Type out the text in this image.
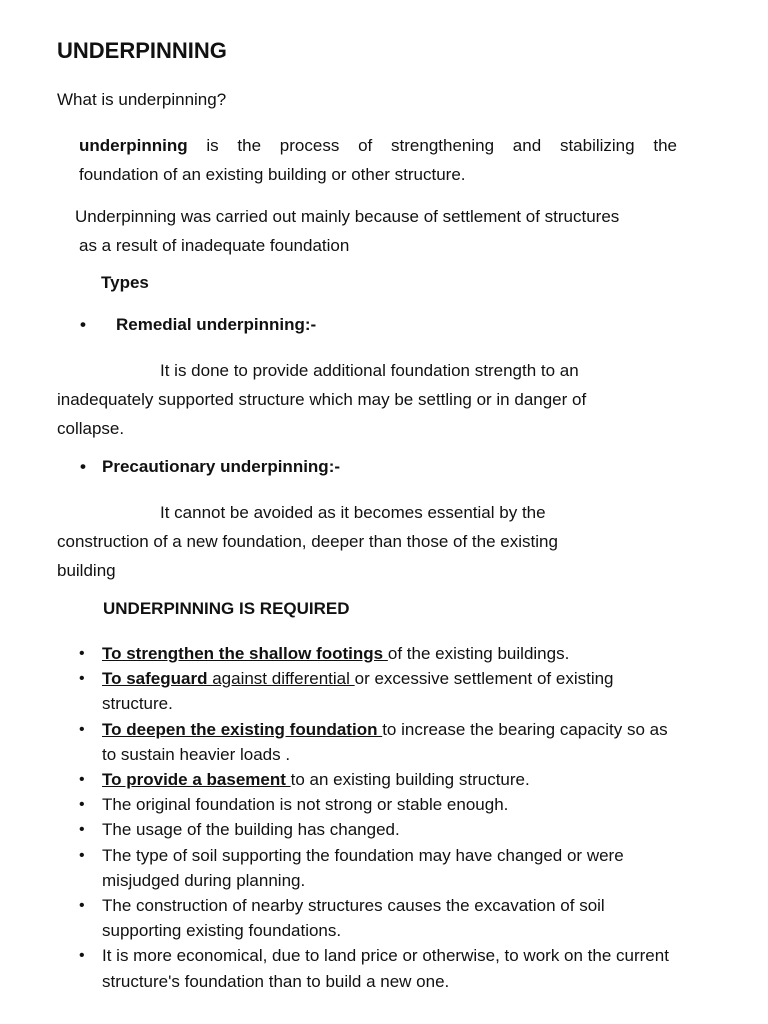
UNDERPINNING

What is underpinning?

underpinning is the process of strengthening and stabilizing the
foundation of an existing building or other structure.

Underpinning was carried out mainly because of settlement of structures
as a result of inadequate foundation

Types

• Remedial underpinning:-

It is done to provide additional foundation strength to an
inadequately supported structure which may be settling or in danger of
collapse.

• Precautionary underpinning:-

It cannot be avoided as it becomes essential by the
construction of a new foundation, deeper than those of the existing
building

UNDERPINNING IS REQUIRED

• To strengthen the shallow footings of the existing buildings.
• To safeguard against differential or excessive settlement of existing structure.
• To deepen the existing foundation to increase the bearing capacity so as to sustain heavier loads .
• To provide a basement to an existing building structure.
• The original foundation is not strong or stable enough.
• The usage of the building has changed.
• The type of soil supporting the foundation may have changed or were misjudged during planning.
• The construction of nearby structures causes the excavation of soil supporting existing foundations.
• It is more economical, due to land price or otherwise, to work on the current structure's foundation than to build a new one.
